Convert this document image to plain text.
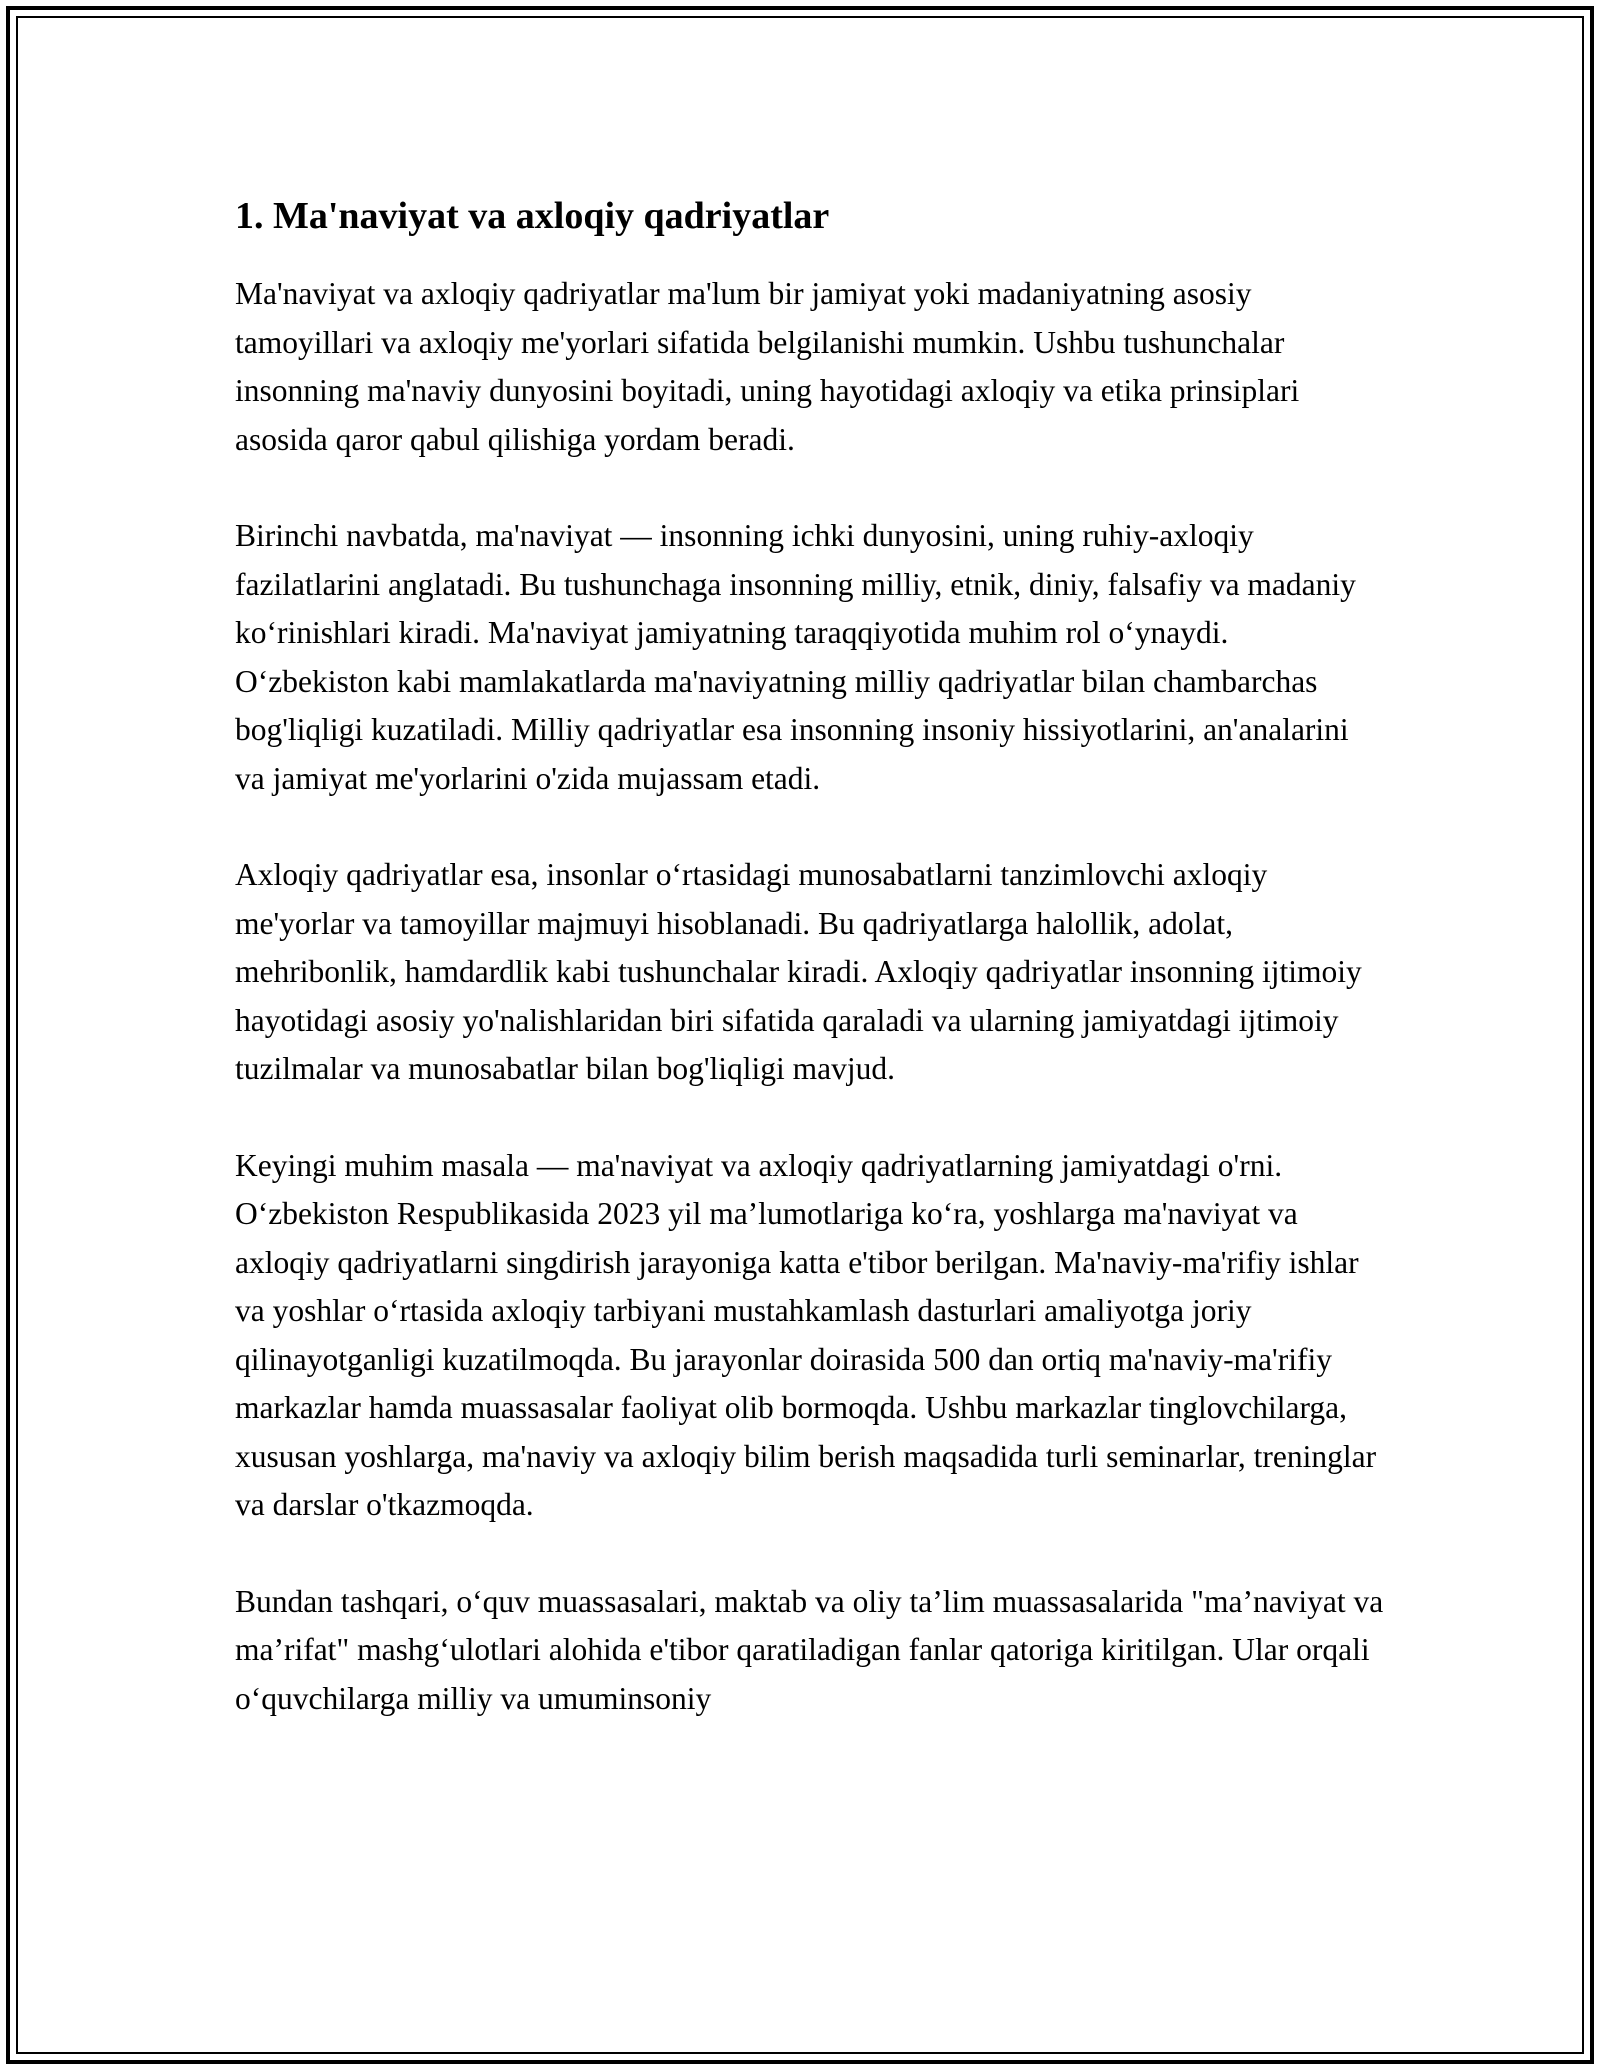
1. Ma'naviyat va axloqiy qadriyatlar

Ma'naviyat va axloqiy qadriyatlar ma'lum bir jamiyat yoki madaniyatning asosiy tamoyillari va axloqiy me'yorlari sifatida belgilanishi mumkin. Ushbu tushunchalar insonning ma'naviy dunyosini boyitadi, uning hayotidagi axloqiy va etika prinsiplari asosida qaror qabul qilishiga yordam beradi.

Birinchi navbatda, ma'naviyat — insonning ichki dunyosini, uning ruhiy-axloqiy fazilatlarini anglatadi. Bu tushunchaga insonning milliy, etnik, diniy, falsafiy va madaniy ko‘rinishlari kiradi. Ma'naviyat jamiyatning taraqqiyotida muhim rol o‘ynaydi. O‘zbekiston kabi mamlakatlarda ma'naviyatning milliy qadriyatlar bilan chambarchas bog'liqligi kuzatiladi. Milliy qadriyatlar esa insonning insoniy hissiyotlarini, an'analarini va jamiyat me'yorlarini o'zida mujassam etadi.

Axloqiy qadriyatlar esa, insonlar o‘rtasidagi munosabatlarni tanzimlovchi axloqiy me'yorlar va tamoyillar majmuyi hisoblanadi. Bu qadriyatlarga halollik, adolat, mehribonlik, hamdardlik kabi tushunchalar kiradi. Axloqiy qadriyatlar insonning ijtimoiy hayotidagi asosiy yo'nalishlaridan biri sifatida qaraladi va ularning jamiyatdagi ijtimoiy tuzilmalar va munosabatlar bilan bog'liqligi mavjud.

Keyingi muhim masala — ma'naviyat va axloqiy qadriyatlarning jamiyatdagi o'rni. O‘zbekiston Respublikasida 2023 yil ma’lumotlariga ko‘ra, yoshlarga ma'naviyat va axloqiy qadriyatlarni singdirish jarayoniga katta e'tibor berilgan. Ma'naviy-ma'rifiy ishlar va yoshlar o‘rtasida axloqiy tarbiyani mustahkamlash dasturlari amaliyotga joriy qilinayotganligi kuzatilmoqda. Bu jarayonlar doirasida 500 dan ortiq ma'naviy-ma'rifiy markazlar hamda muassasalar faoliyat olib bormoqda. Ushbu markazlar tinglovchilarga, xususan yoshlarga, ma'naviy va axloqiy bilim berish maqsadida turli seminarlar, treninglar va darslar o'tkazmoqda.

Bundan tashqari, o‘quv muassasalari, maktab va oliy ta’lim muassasalarida "ma’naviyat va ma’rifat" mashg‘ulotlari alohida e'tibor qaratiladigan fanlar qatoriga kiritilgan. Ular orqali o‘quvchilarga milliy va umuminsoniy
